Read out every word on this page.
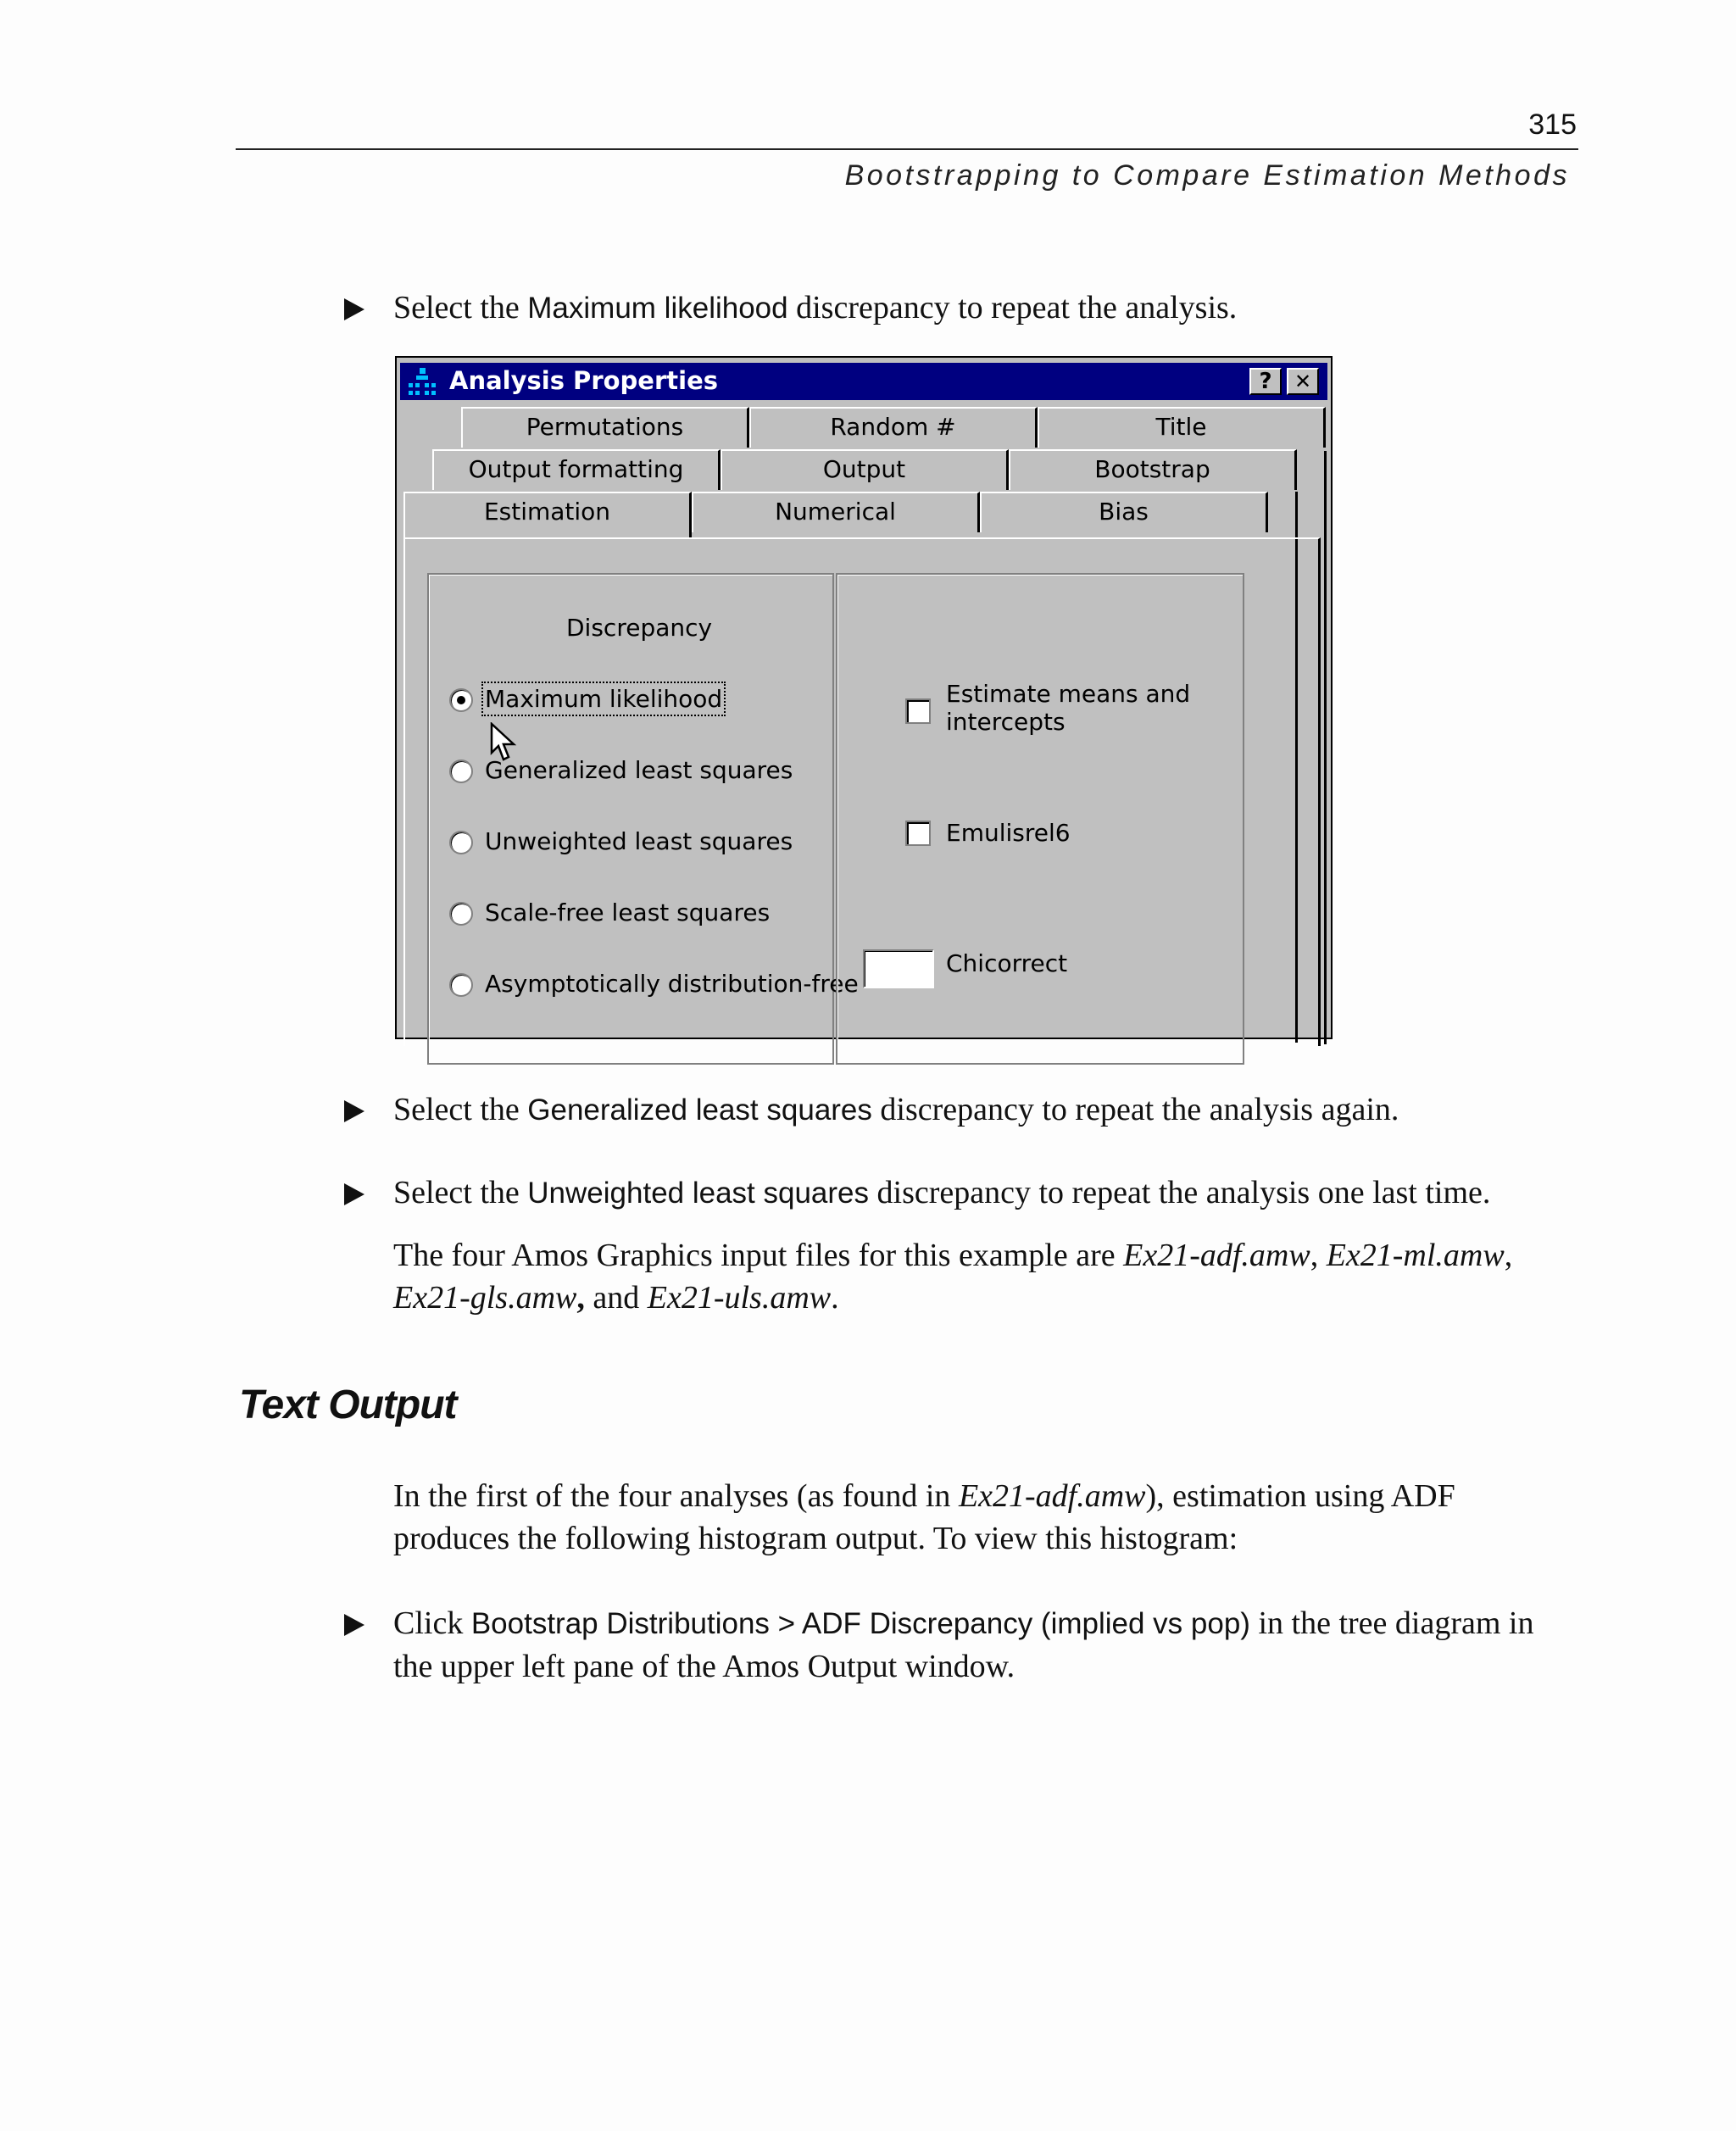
315
Bootstrapping to Compare Estimation Methods
Select the Maximum likelihood discrepancy to repeat the analysis.
Analysis Properties	?	✕
Permutations	Random #	Title
Output formatting	Output	Bootstrap
Estimation	Numerical	Bias
Discrepancy
Maximum likelihood
Generalized least squares
Unweighted least squares
Scale-free least squares
Asymptotically distribution-free
Estimate means and
intercepts
Emulisrel6
Chicorrect
Select the Generalized least squares discrepancy to repeat the analysis again.
Select the Unweighted least squares discrepancy to repeat the analysis one last time.
The four Amos Graphics input files for this example are Ex21-adf.amw, Ex21-ml.amw,
Ex21-gls.amw, and Ex21-uls.amw.
Text Output
In the first of the four analyses (as found in Ex21-adf.amw), estimation using ADF
produces the following histogram output. To view this histogram:
Click Bootstrap Distributions > ADF Discrepancy (implied vs pop) in the tree diagram in
the upper left pane of the Amos Output window.
